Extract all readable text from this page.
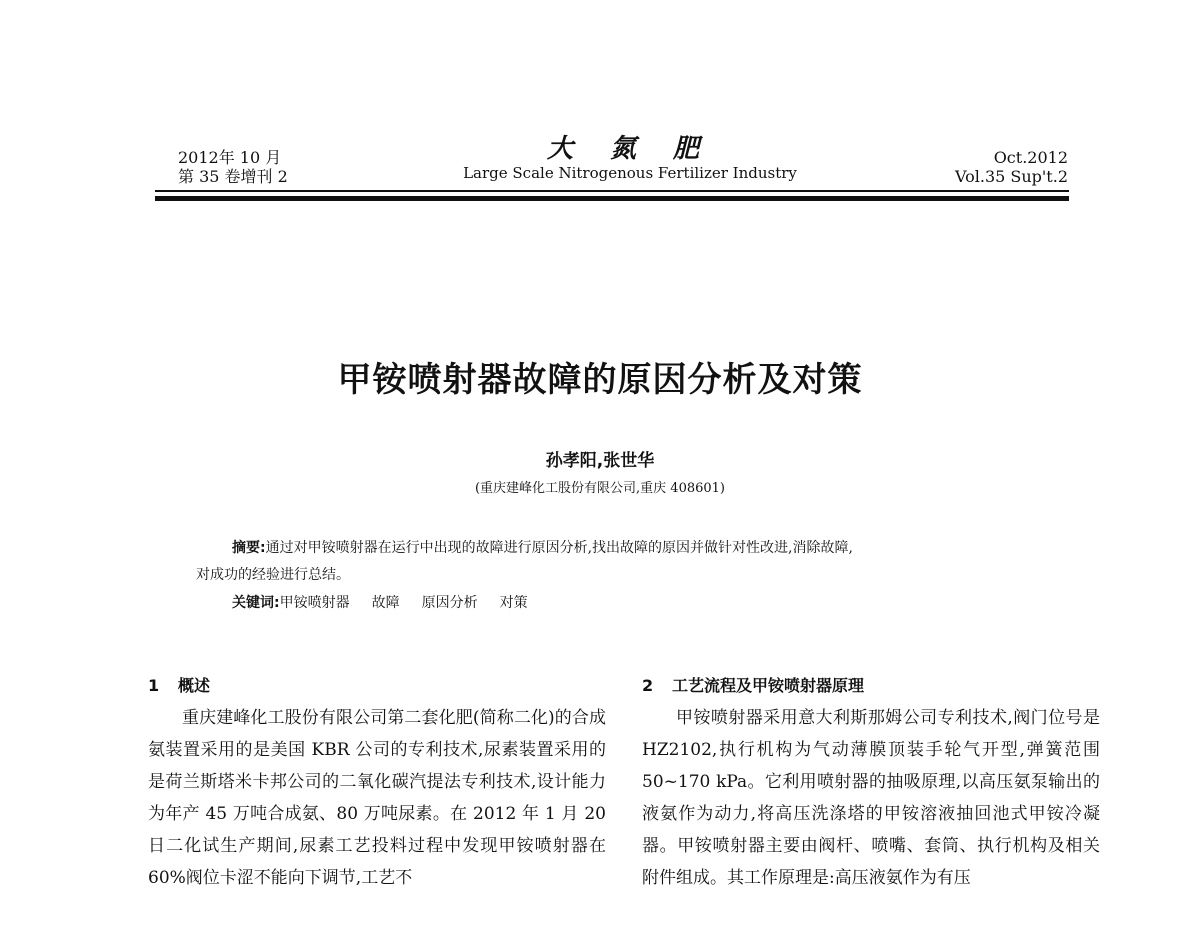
2012年 10 月
第 35 卷增刊 2
大 氮 肥
Large Scale Nitrogenous Fertilizer Industry
Oct.2012
Vol.35 Sup't.2
甲铵喷射器故障的原因分析及对策
孙孝阳,张世华
(重庆建峰化工股份有限公司,重庆 408601)
摘要:通过对甲铵喷射器在运行中出现的故障进行原因分析,找出故障的原因并做针对性改进,消除故障,
对成功的经验进行总结。
关键词:甲铵喷射器 故障 原因分析 对策
1 概述
重庆建峰化工股份有限公司第二套化肥(简称二化)的合成氨装置采用的是美国 KBR 公司的专利技术,尿素装置采用的是荷兰斯塔米卡邦公司的二氧化碳汽提法专利技术,设计能力为年产 45 万吨合成氨、80 万吨尿素。在 2012 年 1 月 20 日二化试生产期间,尿素工艺投料过程中发现甲铵喷射器在 60%阀位卡涩不能向下调节,工艺不
2 工艺流程及甲铵喷射器原理
甲铵喷射器采用意大利斯那姆公司专利技术,阀门位号是 HZ2102,执行机构为气动薄膜顶装手轮气开型,弹簧范围 50~170 kPa。它利用喷射器的抽吸原理,以高压氨泵输出的液氨作为动力,将高压洗涤塔的甲铵溶液抽回池式甲铵冷凝器。甲铵喷射器主要由阀杆、喷嘴、套筒、执行机构及相关附件组成。其工作原理是:高压液氨作为有压
